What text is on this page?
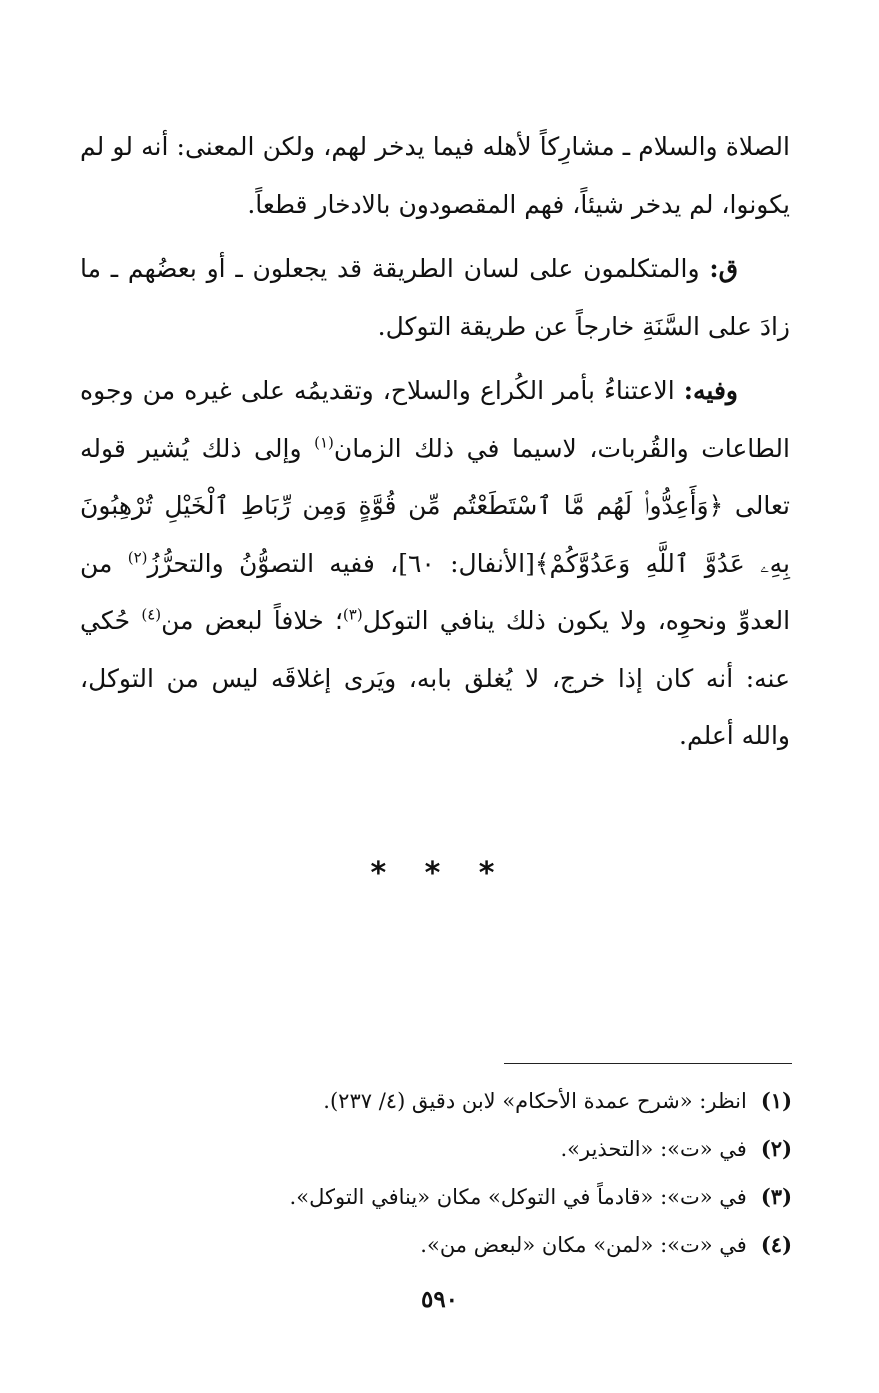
الصلاة والسلام ـ مشارِكاً لأهله فيما يدخر لهم، ولكن المعنى: أنه لو لم يكونوا، لم يدخر شيئاً، فهم المقصودون بالادخار قطعاً.

ق: والمتكلمون على لسان الطريقة قد يجعلون ـ أو بعضُهم ـ ما زادَ على السَّنَةِ خارجاً عن طريقة التوكل.

وفيه: الاعتناءُ بأمر الكُراع والسلاح، وتقديمُه على غيره من وجوه الطاعات والقُربات، لاسيما في ذلك الزمان$^{(١)}$ وإلى ذلك يُشير قوله تعالى ﴿وَأَعِدُّوا۟ لَهُم مَّا ٱسْتَطَعْتُم مِّن قُوَّةٍ وَمِن رِّبَاطِ ٱلْخَيْلِ تُرْهِبُونَ بِهِۦ عَدُوَّ ٱللَّهِ وَعَدُوَّكُمْ﴾[الأنفال: ٦٠]، ففيه التصوُّنُ والتحرُّزُ$^{(٢)}$ من العدوِّ ونحوِه، ولا يكون ذلك ينافي التوكل$^{(٣)}$؛ خلافاً لبعض من$^{(٤)}$ حُكي عنه: أنه كان إذا خرج، لا يُغلق بابه، ويَرى إغلاقَه ليس من التوكل، والله أعلم.

* * *
(١)
انظر: «شرح عمدة الأحكام» لابن دقيق (٤/ ٢٣٧).
(٢)
في «ت»: «التحذير».
(٣)
في «ت»: «قادماً في التوكل» مكان «ينافي التوكل».
(٤)
في «ت»: «لمن» مكان «لبعض من».
٥٩٠
